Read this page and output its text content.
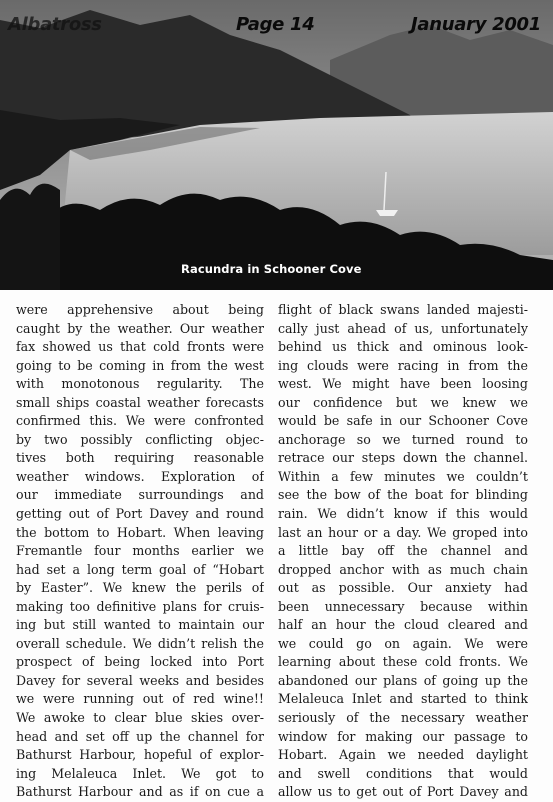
Albatross	Page 14	January 2001
Racundra in Schooner Cove
were apprehensive about being
caught by the weather. Our weather
fax showed us that cold fronts were
going to be coming in from the west
with monotonous regularity. The
small ships coastal weather forecasts
confirmed this. We were confronted
by two possibly conflicting objec-
tives both requiring reasonable
weather windows. Exploration of
our immediate surroundings and
getting out of Port Davey and round
the bottom to Hobart. When leaving
Fremantle four months earlier we
had set a long term goal of “Hobart
by Easter”. We knew the perils of
making too definitive plans for cruis-
ing but still wanted to maintain our
overall schedule. We didn’t relish the
prospect of being locked into Port
Davey for several weeks and besides
we were running out of red wine!!
We awoke to clear blue skies over-
head and set off up the channel for
Bathurst Harbour, hopeful of explor-
ing Melaleuca Inlet. We got to
Bathurst Harbour and as if on cue a
flight of black swans landed majesti-
cally just ahead of us, unfortunately
behind us thick and ominous look-
ing clouds were racing in from the
west. We might have been loosing
our confidence but we knew we
would be safe in our Schooner Cove
anchorage so we turned round to
retrace our steps down the channel.
Within a few minutes we couldn’t
see the bow of the boat for blinding
rain. We didn’t know if this would
last an hour or a day. We groped into
a little bay off the channel and
dropped anchor with as much chain
out as possible. Our anxiety had
been unnecessary because within
half an hour the cloud cleared and
we could go on again. We were
learning about these cold fronts. We
abandoned our plans of going up the
Melaleuca Inlet and started to think
seriously of the necessary weather
window for making our passage to
Hobart. Again we needed daylight
and swell conditions that would
allow us to get out of Port Davey and
